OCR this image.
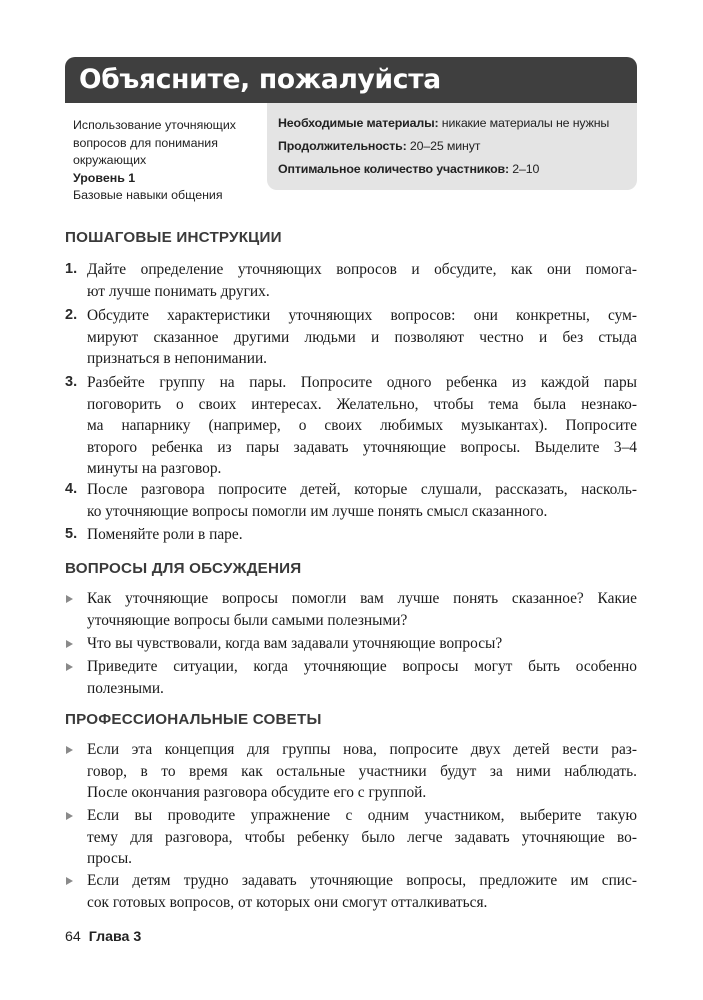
Объясните, пожалуйста
Использование уточняющих
вопросов для понимания
окружающих
Уровень 1
Базовые навыки общения
Необходимые материалы: никакие материалы не нужны
Продолжительность: 20–25 минут
Оптимальное количество участников: 2–10
ПОШАГОВЫЕ ИНСТРУКЦИИ
1. Дайте определение уточняющих вопросов и обсудите, как они помога-
ют лучше понимать других.
2. Обсудите характеристики уточняющих вопросов: они конкретны, сум-
мируют сказанное другими людьми и позволяют честно и без стыда
признаться в непонимании.
3. Разбейте группу на пары. Попросите одного ребенка из каждой пары
поговорить о своих интересах. Желательно, чтобы тема была незнако-
ма напарнику (например, о своих любимых музыкантах). Попросите
второго ребенка из пары задавать уточняющие вопросы. Выделите 3–4
минуты на разговор.
4. После разговора попросите детей, которые слушали, рассказать, насколь-
ко уточняющие вопросы помогли им лучше понять смысл сказанного.
5. Поменяйте роли в паре.
ВОПРОСЫ ДЛЯ ОБСУЖДЕНИЯ
Как уточняющие вопросы помогли вам лучше понять сказанное? Какие
уточняющие вопросы были самыми полезными?
Что вы чувствовали, когда вам задавали уточняющие вопросы?
Приведите ситуации, когда уточняющие вопросы могут быть особенно
полезными.
ПРОФЕССИОНАЛЬНЫЕ СОВЕТЫ
Если эта концепция для группы нова, попросите двух детей вести раз-
говор, в то время как остальные участники будут за ними наблюдать.
После окончания разговора обсудите его с группой.
Если вы проводите упражнение с одним участником, выберите такую
тему для разговора, чтобы ребенку было легче задавать уточняющие во-
просы.
Если детям трудно задавать уточняющие вопросы, предложите им спис-
сок готовых вопросов, от которых они смогут отталкиваться.
64 Глава 3
